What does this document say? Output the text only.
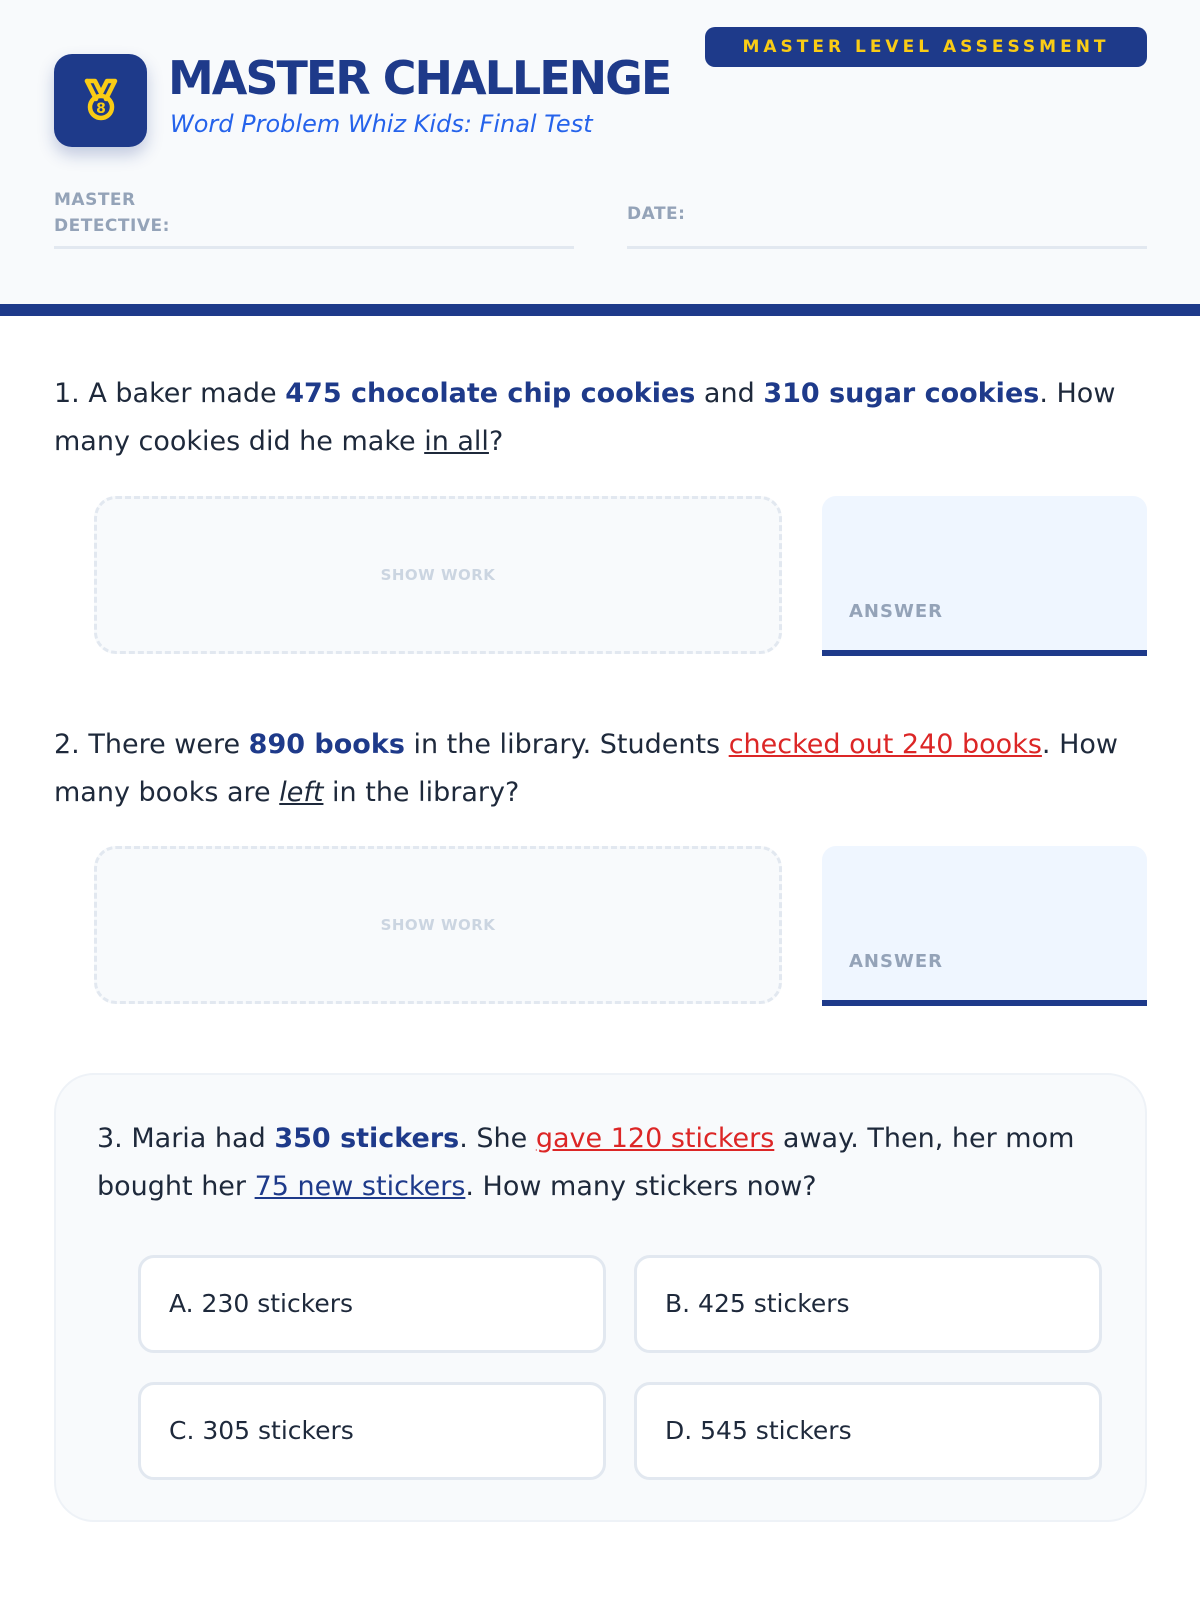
MASTER LEVEL ASSESSMENT
8
MASTER CHALLENGE
Word Problem Whiz Kids: Final Test
MASTER DETECTIVE:
DATE:
1. A baker made 475 chocolate chip cookies and 310 sugar cookies. How many cookies did he make in all?
SHOW WORK
ANSWER
2. There were 890 books in the library. Students checked out 240 books. How many books are left in the library?
SHOW WORK
ANSWER
3. Maria had 350 stickers. She gave 120 stickers away. Then, her mom bought her 75 new stickers. How many stickers now?
A. 230 stickers	B. 425 stickers
C. 305 stickers	D. 545 stickers
